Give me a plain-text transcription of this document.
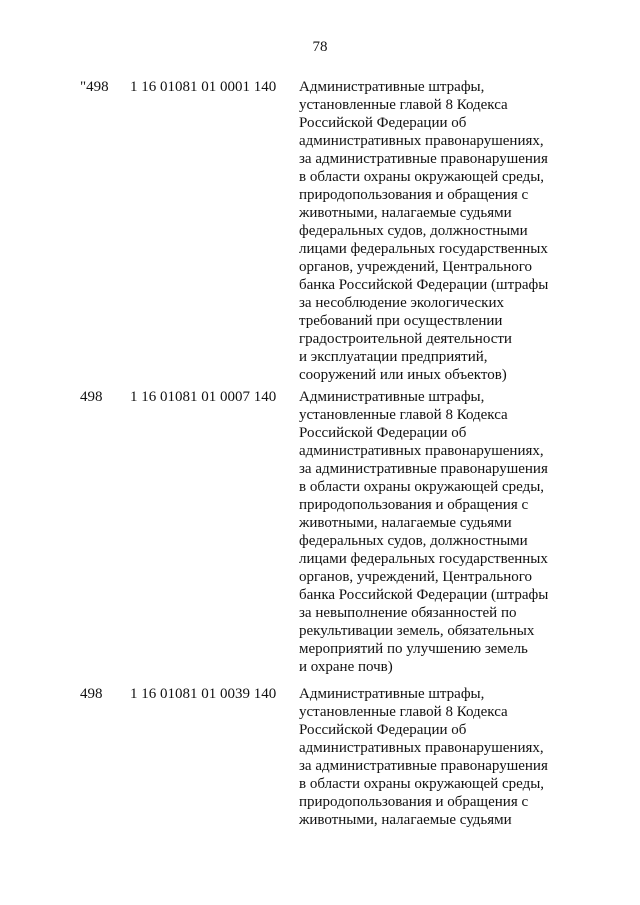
78
"498 1 16 01081 01 0001 140 Административные штрафы,
установленные главой 8 Кодекса
Российской Федерации об
административных правонарушениях,
за административные правонарушения
в области охраны окружающей среды,
природопользования и обращения с
животными, налагаемые судьями
федеральных судов, должностными
лицами федеральных государственных
органов, учреждений, Центрального
банка Российской Федерации (штрафы
за несоблюдение экологических
требований при осуществлении
градостроительной деятельности
и эксплуатации предприятий,
сооружений или иных объектов)
498 1 16 01081 01 0007 140 Административные штрафы,
установленные главой 8 Кодекса
Российской Федерации об
административных правонарушениях,
за административные правонарушения
в области охраны окружающей среды,
природопользования и обращения с
животными, налагаемые судьями
федеральных судов, должностными
лицами федеральных государственных
органов, учреждений, Центрального
банка Российской Федерации (штрафы
за невыполнение обязанностей по
рекультивации земель, обязательных
мероприятий по улучшению земель
и охране почв)
498 1 16 01081 01 0039 140 Административные штрафы,
установленные главой 8 Кодекса
Российской Федерации об
административных правонарушениях,
за административные правонарушения
в области охраны окружающей среды,
природопользования и обращения с
животными, налагаемые судьями
